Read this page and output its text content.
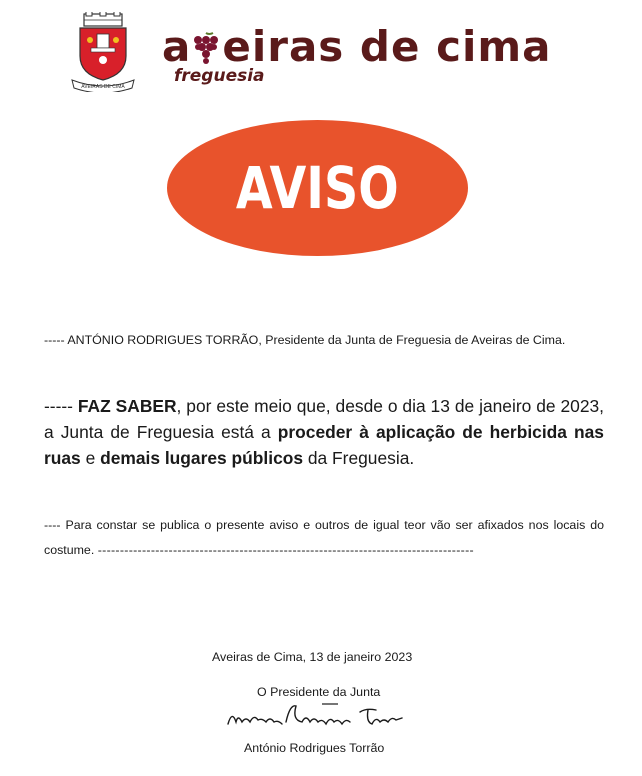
AVEIRAS DE CIMA
a eiras de cima
freguesia
AVISO
----- ANTÓNIO RODRIGUES TORRÃO, Presidente da Junta de Freguesia de Aveiras de Cima.
----- FAZ SABER, por este meio que, desde o dia 13 de janeiro de 2023, a Junta de Freguesia está a proceder à aplicação de herbicida nas ruas e demais lugares públicos da Freguesia.
---- Para constar se publica o presente aviso e outros de igual teor vão ser afixados nos locais do costume. -------------------------------------------------------------------------------------
Aveiras de Cima, 13 de janeiro 2023
O Presidente da Junta
António Rodrigues Torrão
